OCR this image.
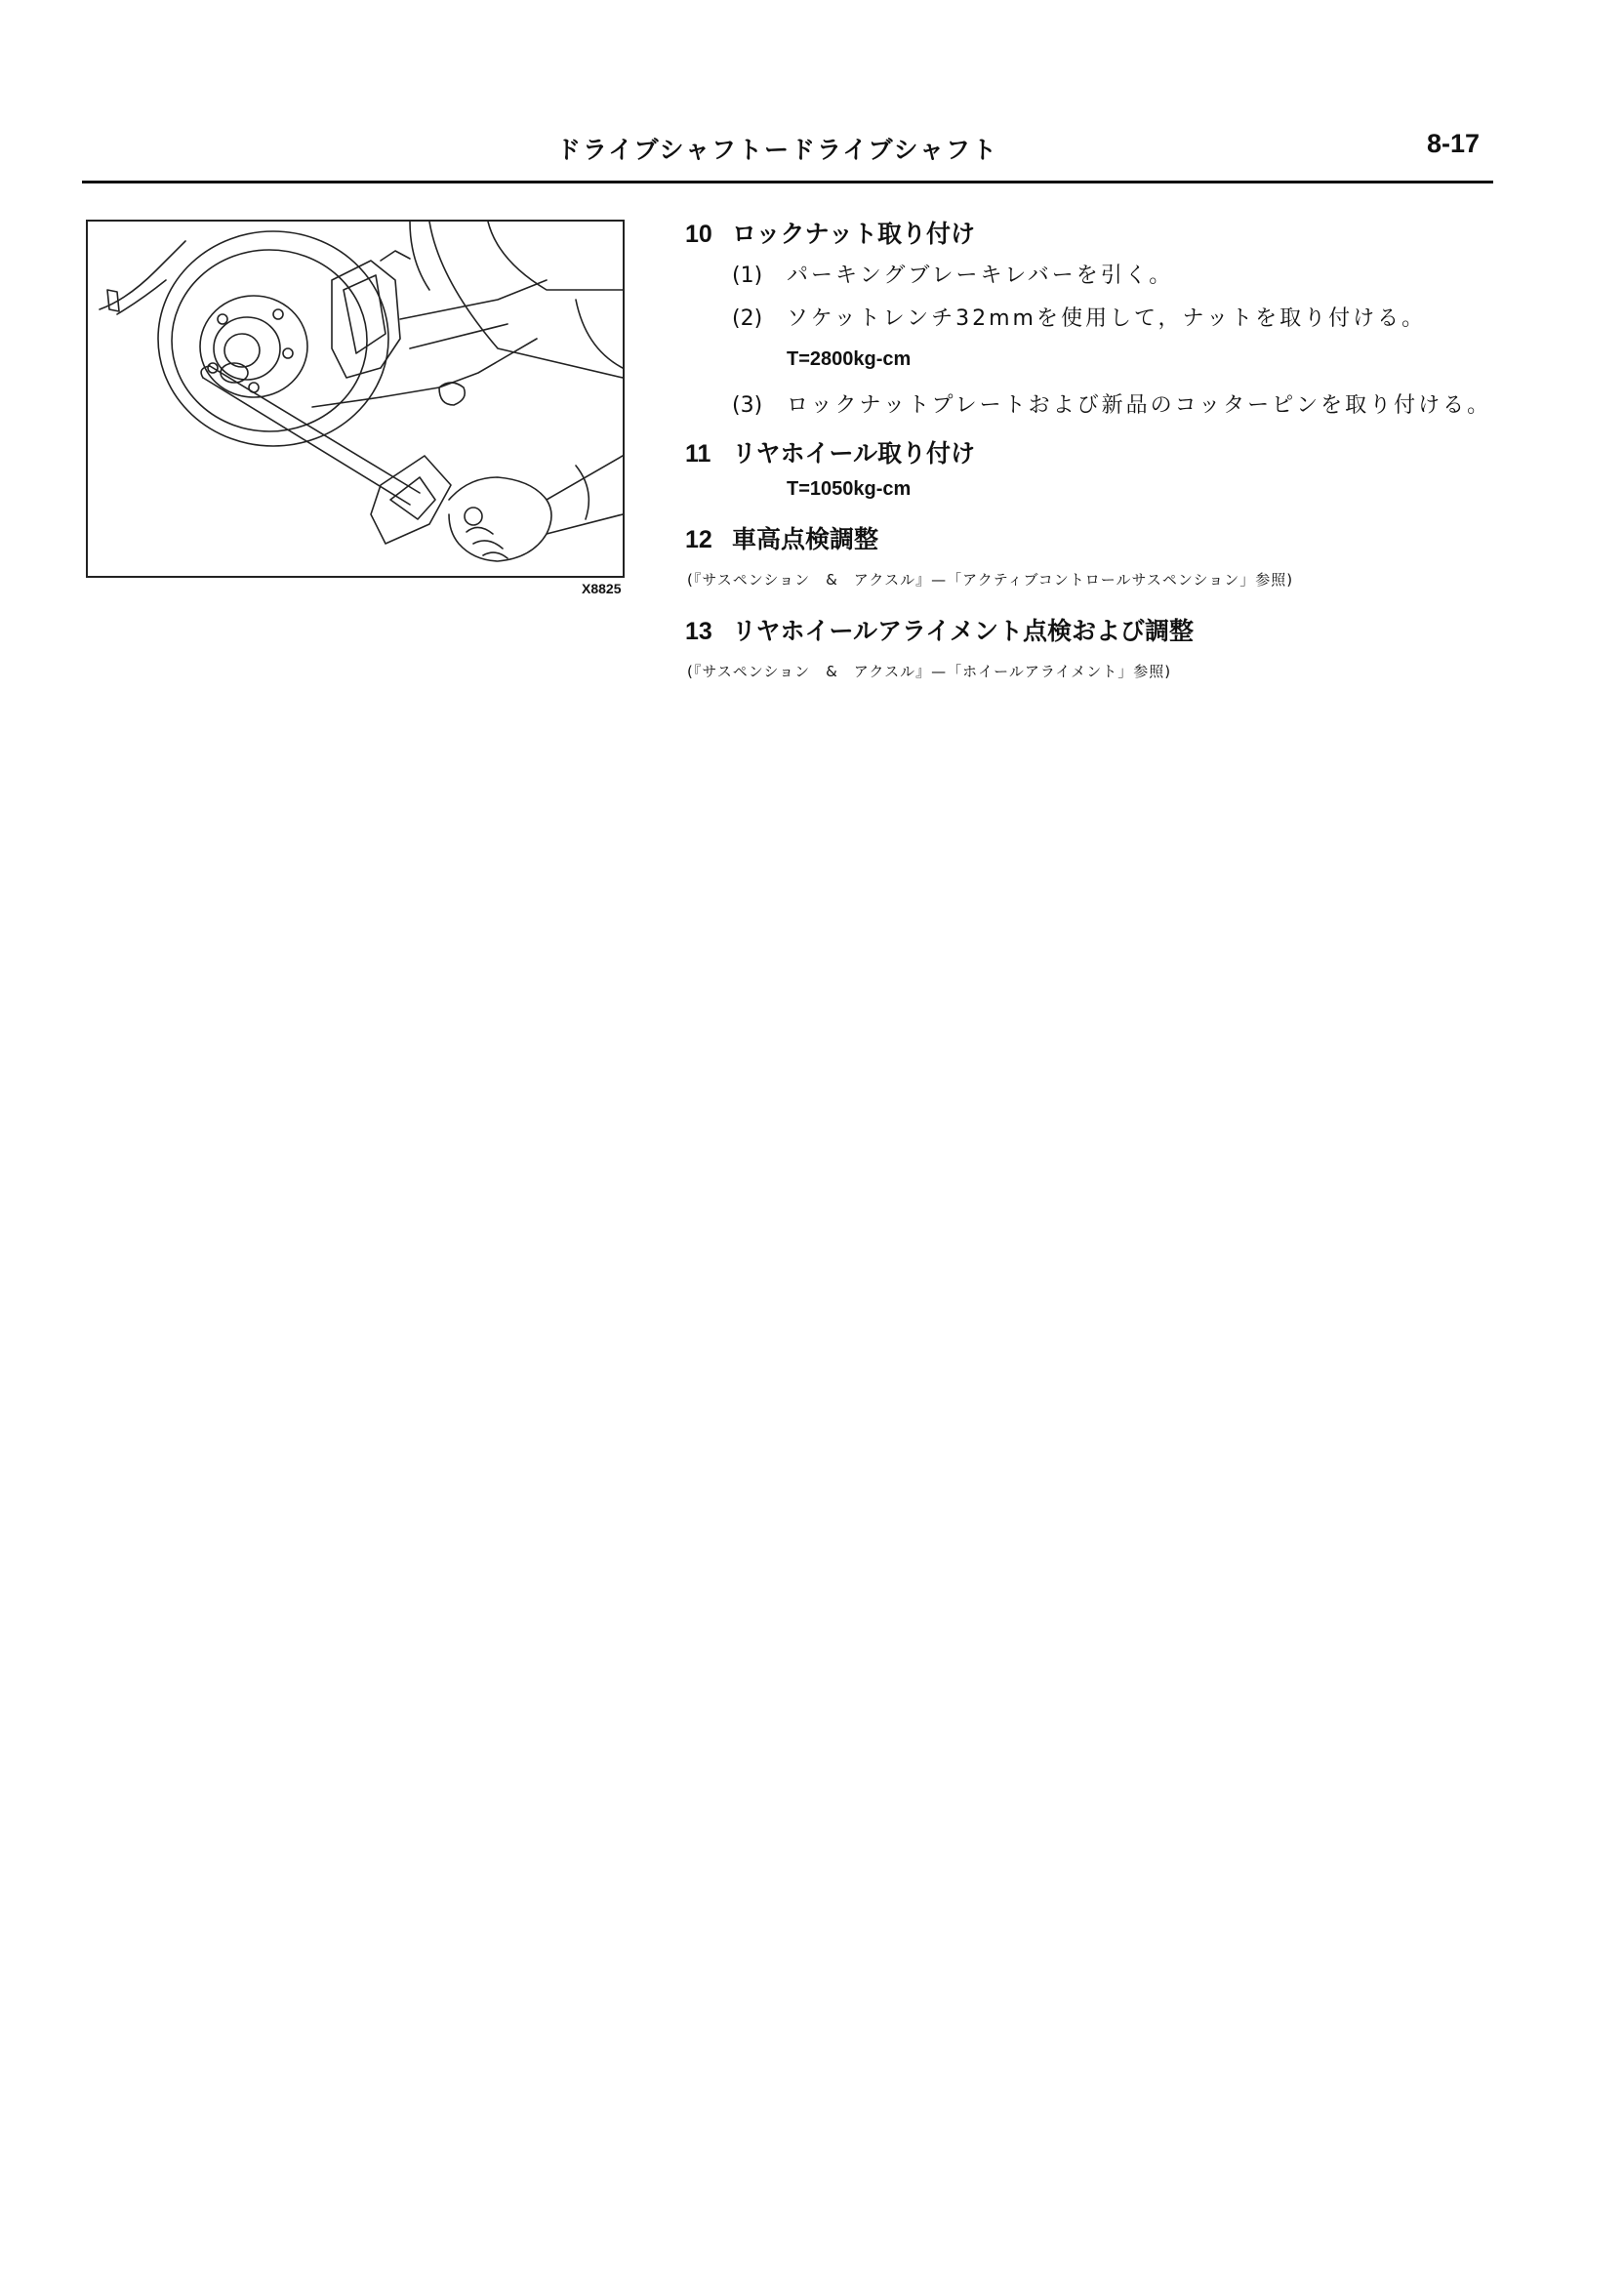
ドライブシャフトードライブシャフト	8-17
X8825
10 ロックナット取り付け
(1) パーキングブレーキレバーを引く。
(2) ソケットレンチ32mmを使用して，ナットを取り付ける。
T=2800kg-cm
(3) ロックナットプレートおよび新品のコッターピンを取り付ける。
11 リヤホイール取り付け
T=1050kg-cm
12 車高点検調整
(『サスペンション　&　アクスル』—「アクティブコントロールサスペンション」参照)
13 リヤホイールアライメント点検および調整
(『サスペンション　&　アクスル』—「ホイールアライメント」参照)
